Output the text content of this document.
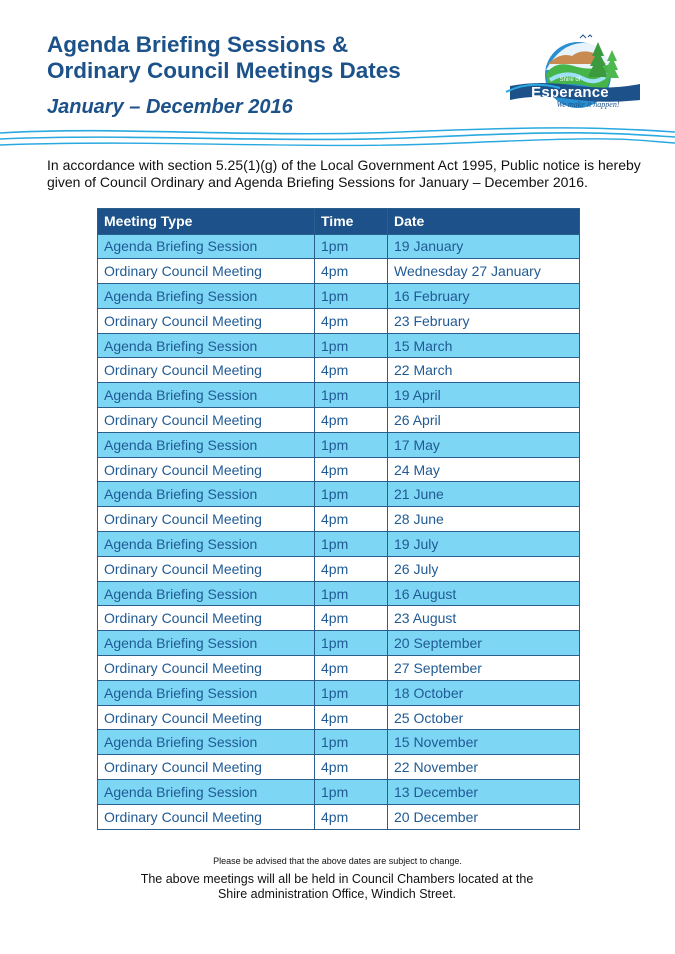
Agenda Briefing Sessions &
Ordinary Council Meetings Dates
January – December 2016
Shire of
Esperance
We make it happen!

In accordance with section 5.25(1)(g) of the Local Government Act 1995, Public notice is hereby given of Council Ordinary and Agenda Briefing Sessions for January – December 2016.

Meeting Type	Time	Date
Agenda Briefing Session	1pm	19 January
Ordinary Council Meeting	4pm	Wednesday 27 January
Agenda Briefing Session	1pm	16 February
Ordinary Council Meeting	4pm	23 February
Agenda Briefing Session	1pm	15 March
Ordinary Council Meeting	4pm	22 March
Agenda Briefing Session	1pm	19 April
Ordinary Council Meeting	4pm	26 April
Agenda Briefing Session	1pm	17 May
Ordinary Council Meeting	4pm	24 May
Agenda Briefing Session	1pm	21 June
Ordinary Council Meeting	4pm	28 June
Agenda Briefing Session	1pm	19 July
Ordinary Council Meeting	4pm	26 July
Agenda Briefing Session	1pm	16 August
Ordinary Council Meeting	4pm	23 August
Agenda Briefing Session	1pm	20 September
Ordinary Council Meeting	4pm	27 September
Agenda Briefing Session	1pm	18 October
Ordinary Council Meeting	4pm	25 October
Agenda Briefing Session	1pm	15 November
Ordinary Council Meeting	4pm	22 November
Agenda Briefing Session	1pm	13 December
Ordinary Council Meeting	4pm	20 December

Please be advised that the above dates are subject to change.

The above meetings will all be held in Council Chambers located at the
Shire administration Office, Windich Street.
